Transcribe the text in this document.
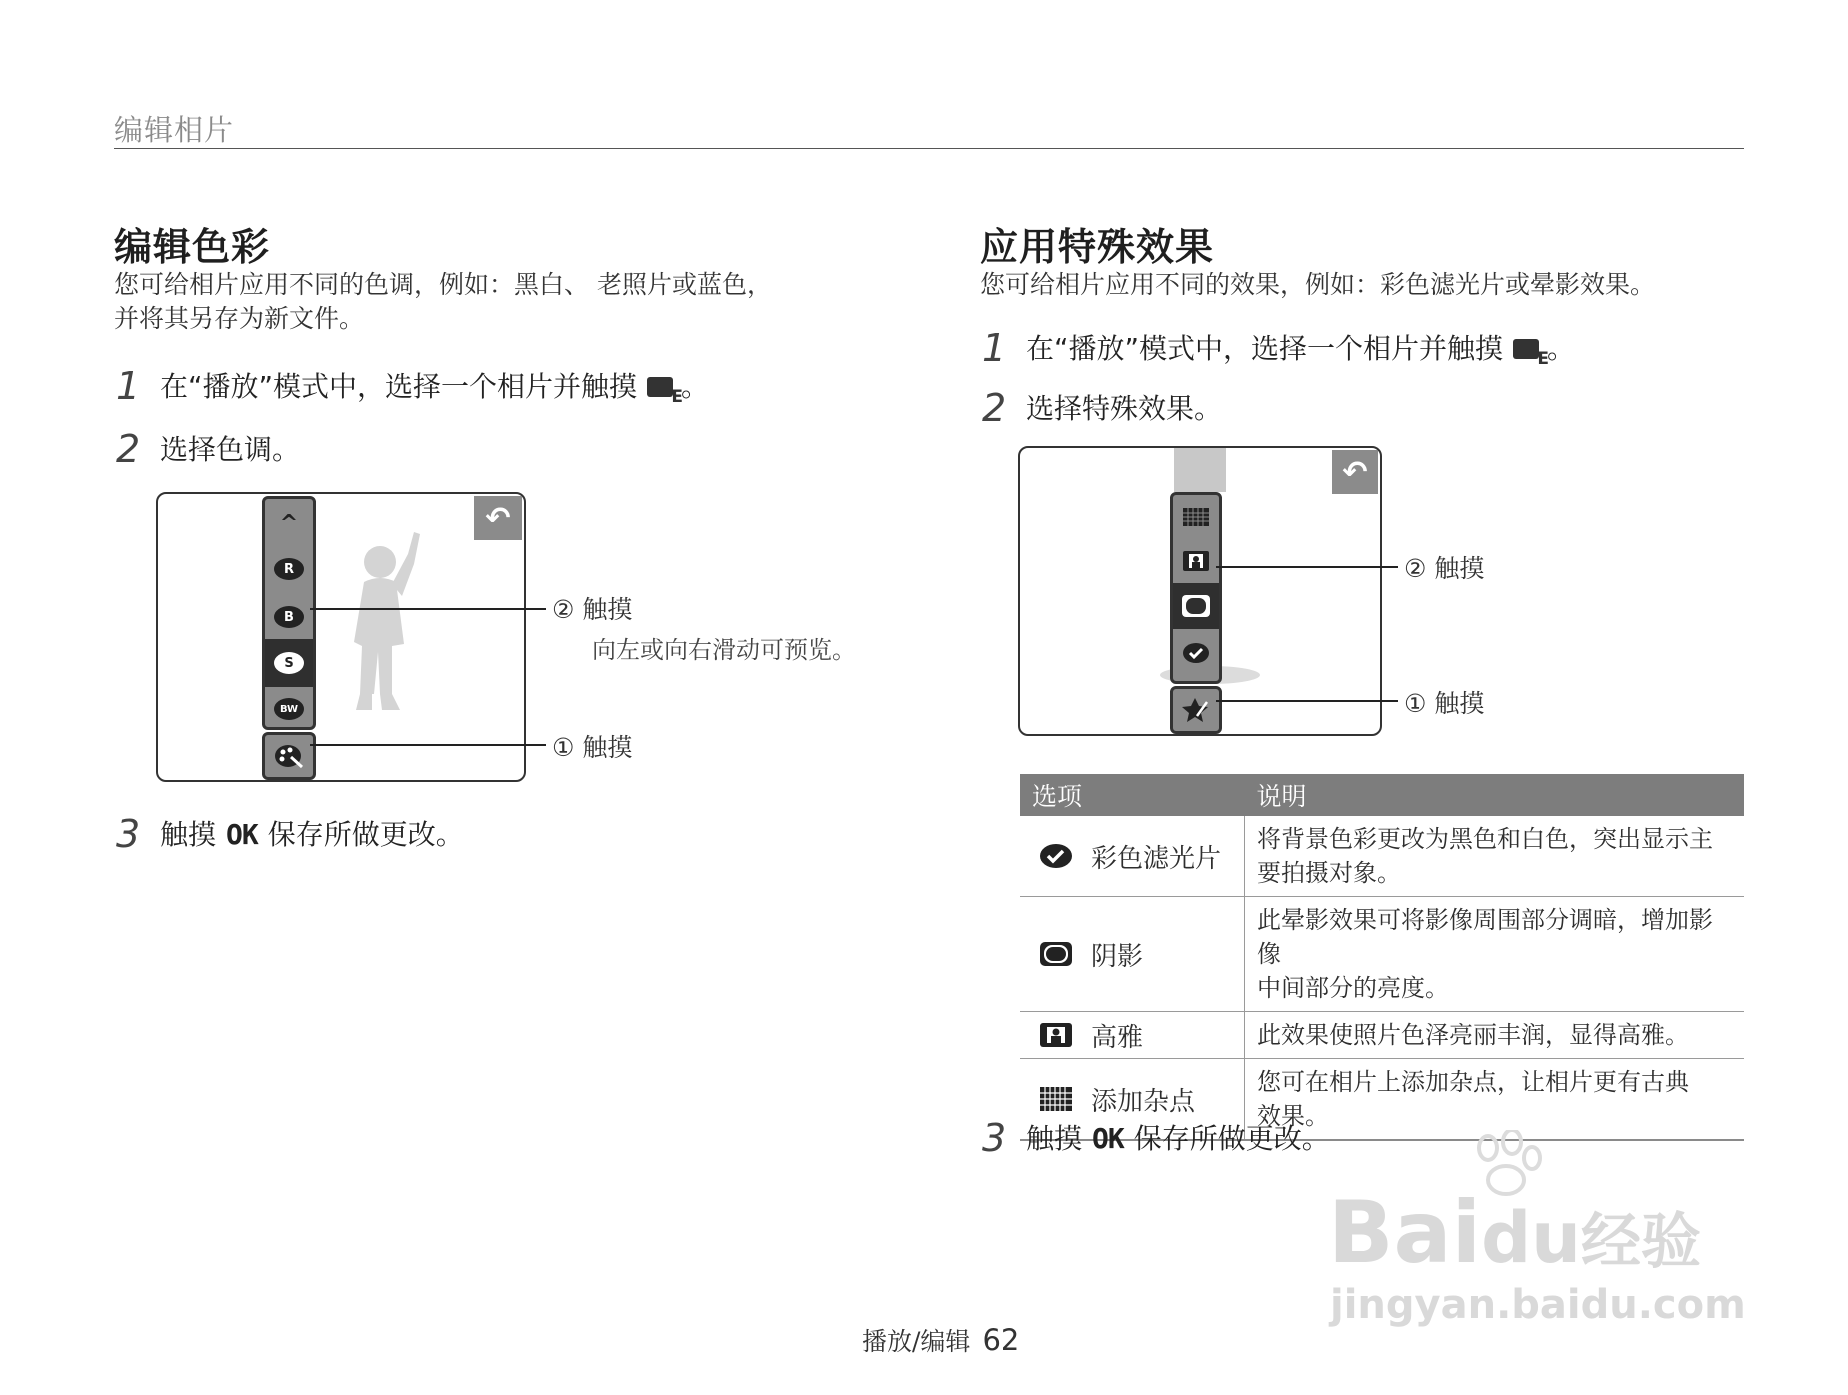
编辑相片
编辑色彩
您可给相片应用不同的色调，例如：黑白、 老照片或蓝色，
并将其另存为新文件。
1 在“播放”模式中，选择一个相片并触摸 E
。
2 选择色调。
^
R
B
S
BW
↶
② 触摸
向左或向右滑动可预览。
① 触摸
3 触摸 OK 保存所做更改。
应用特殊效果
您可给相片应用不同的效果，例如：彩色滤光片或晕影效果。
1 在“播放”模式中，选择一个相片并触摸 E
。
2 选择特殊效果。
↶
② 触摸
① 触摸
选项	说明

彩色滤光片	将背景色彩更改为黑色和白色，突出显示主
要拍摄对象。

阴影	此晕影效果可将影像周围部分调暗，增加影像
中间部分的亮度。

高雅	此效果使照片色泽亮丽丰润，显得高雅。

添加杂点	您可在相片上添加杂点，让相片更有古典
效果。
3 触摸 OK 保存所做更改。
Baidu经验
jingyan.baidu.com
播放/编辑 62
